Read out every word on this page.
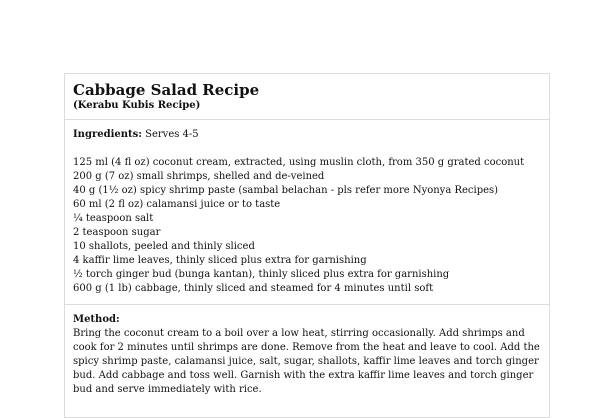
Cabbage Salad Recipe
(Kerabu Kubis Recipe)
Ingredients: Serves 4-5
125 ml (4 fl oz) coconut cream, extracted, using muslin cloth, from 350 g grated coconut
200 g (7 oz) small shrimps, shelled and de-veined
40 g (1½ oz) spicy shrimp paste (sambal belachan - pls refer more Nyonya Recipes)
60 ml (2 fl oz) calamansi juice or to taste
¼ teaspoon salt
2 teaspoon sugar
10 shallots, peeled and thinly sliced
4 kaffir lime leaves, thinly sliced plus extra for garnishing
½ torch ginger bud (bunga kantan), thinly sliced plus extra for garnishing
600 g (1 lb) cabbage, thinly sliced and steamed for 4 minutes until soft
Method:
Bring the coconut cream to a boil over a low heat, stirring occasionally. Add shrimps and cook for 2 minutes until shrimps are done. Remove from the heat and leave to cool. Add the spicy shrimp paste, calamansi juice, salt, sugar, shallots, kaffir lime leaves and torch ginger bud. Add cabbage and toss well. Garnish with the extra kaffir lime leaves and torch ginger bud and serve immediately with rice.
